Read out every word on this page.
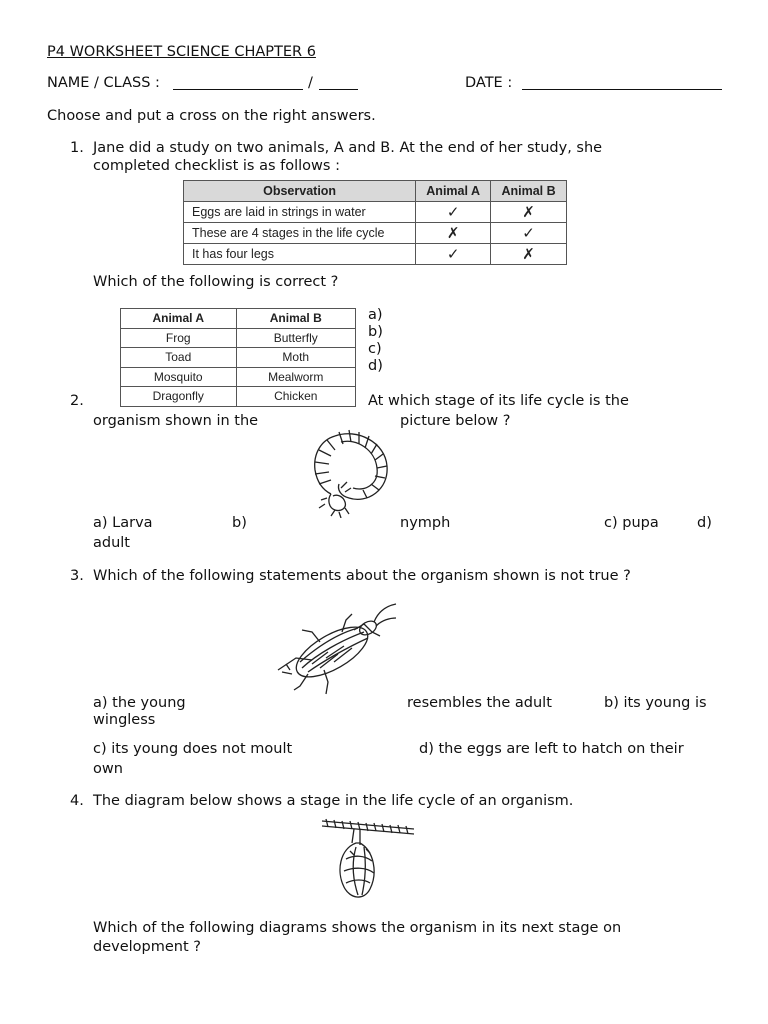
P4 WORKSHEET SCIENCE CHAPTER 6
NAME / CLASS :	/	DATE :
Choose and put a cross on the right answers.
1. Jane did a study on two animals, A and B. At the end of her study, she
completed checklist is as follows :
Observation	Animal A	Animal B
Eggs are laid in strings in water	✓	✗
These are 4 stages in the life cycle	✗	✓
It has four legs	✓	✗
Which of the following is correct ?
Animal A	Animal B
Frog	Butterfly
Toad	Moth
Mosquito	Mealworm
Dragonfly	Chicken
a)
b)
c)
d)
2.	At which stage of its life cycle is the
organism shown in the	picture below ?
a) Larva	b)	nymph	c) pupa	d)
adult
3. Which of the following statements about the organism shown is not true ?
a) the young	resembles the adult	b) its young is
wingless
c) its young does not moult	d) the eggs are left to hatch on their
own
4. The diagram below shows a stage in the life cycle of an organism.
Which of the following diagrams shows the organism in its next stage on
development ?
